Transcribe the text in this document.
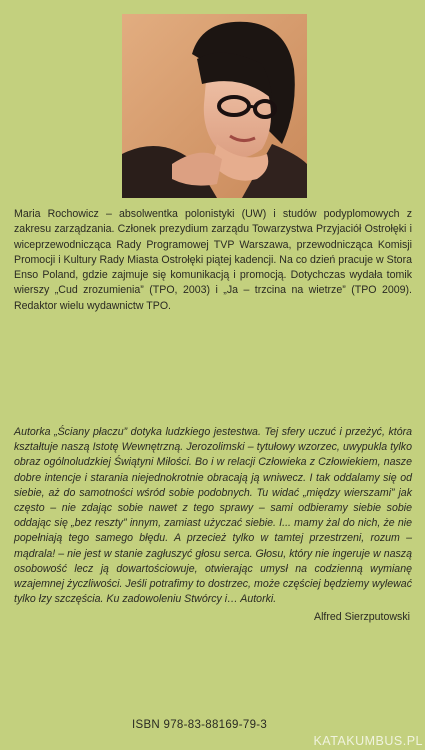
Maria Rochowicz – absolwentka polonistyki (UW) i studów podyplomowych z zakresu zarządzania. Członek prezydium zarządu Towarzystwa Przyjaciół Ostrołęki i wiceprzewodnicząca Rady Programowej TVP Warszawa, przewodnicząca Komisji Promocji i Kultury Rady Miasta Ostrołęki piątej kadencji. Na co dzień pracuje w Stora Enso Poland, gdzie zajmuje się komunikacją i promocją. Dotychczas wydała tomik wierszy „Cud zrozumienia” (TPO, 2003) i „Ja – trzcina na wietrze” (TPO 2009). Redaktor wielu wydawnictw TPO.

Autorka „Ściany płaczu” dotyka ludzkiego jestestwa. Tej sfery uczuć i przeżyć, która kształtuje naszą Istotę Wewnętrzną. Jerozolimski – tytułowy wzorzec, uwypukla tylko obraz ogólnoludzkiej Świątyni Miłości. Bo i w relacji Człowieka z Człowiekiem, nasze dobre intencje i starania niejednokrotnie obracają ją wniwecz. I tak oddalamy się od siebie, aż do samotności wśród sobie podobnych. Tu widać „między wierszami” jak często – nie zdając sobie nawet z tego sprawy – sami odbieramy siebie sobie oddając się „bez reszty” innym, zamiast użyczać siebie. I... mamy żal do nich, że nie popełniają tego samego błędu. A przecież tylko w tamtej przestrzeni, rozum – mądrala! – nie jest w stanie zagłuszyć głosu serca. Głosu, który nie ingeruje w naszą osobowość lecz ją dowartościowuje, otwierając umysł na codzienną wymianę wzajemnej życzliwości. Jeśli potrafimy to dostrzec, może częściej będziemy wylewać tylko łzy szczęścia. Ku zadowoleniu Stwórcy i… Autorki.

Alfred Sierzputowski

ISBN 978-83-88169-79-3

KATAKUMBUS.PL
